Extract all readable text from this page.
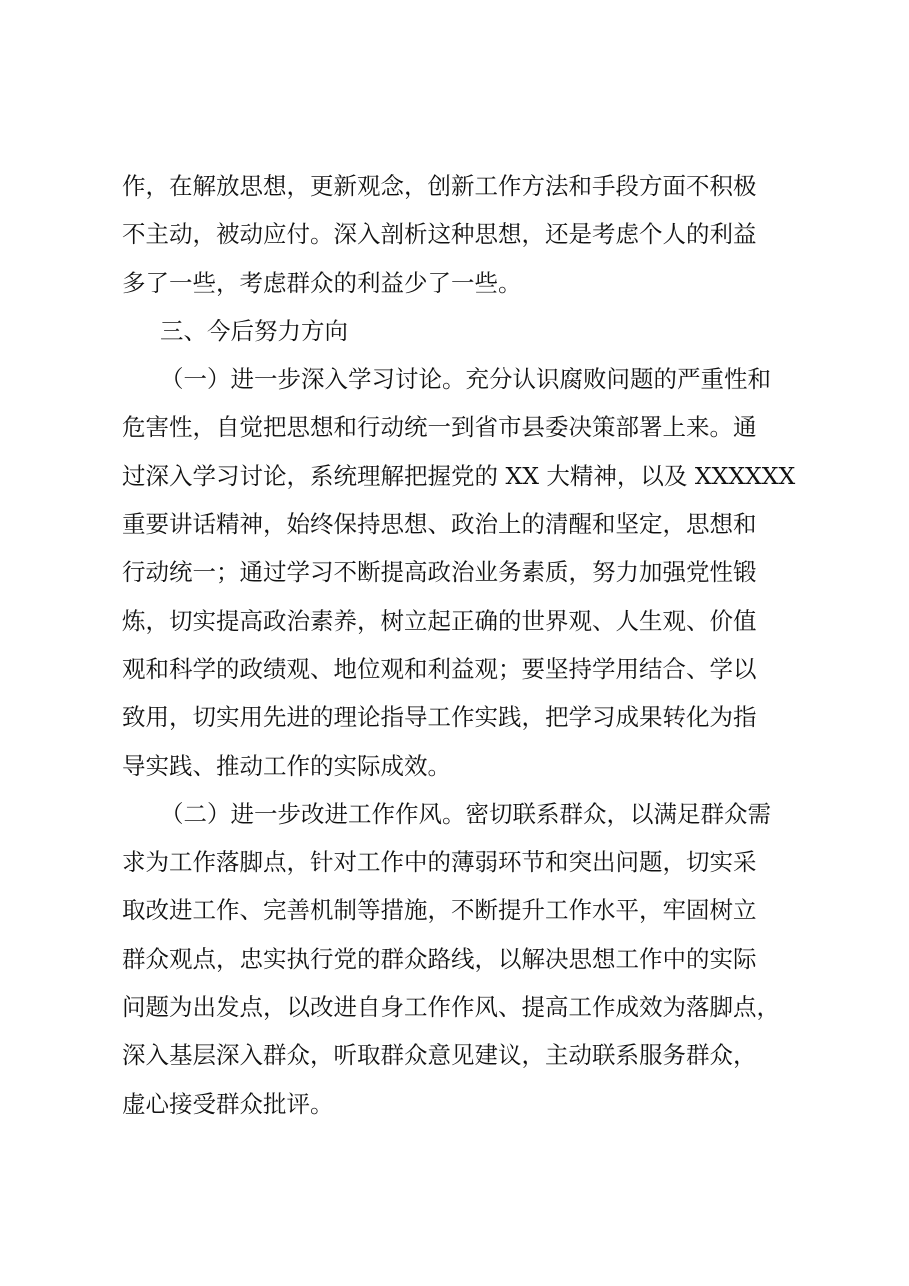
作，在解放思想，更新观念，创新工作方法和手段方面不积极
不主动，被动应付。深入剖析这种思想，还是考虑个人的利益
多了一些，考虑群众的利益少了一些。
三、今后努力方向
（一）进一步深入学习讨论。充分认识腐败问题的严重性和
危害性，自觉把思想和行动统一到省市县委决策部署上来。通
过深入学习讨论，系统理解把握党的 XX 大精神，以及 XXXXXX
重要讲话精神，始终保持思想、政治上的清醒和坚定，思想和
行动统一；通过学习不断提高政治业务素质，努力加强党性锻
炼，切实提高政治素养，树立起正确的世界观、人生观、价值
观和科学的政绩观、地位观和利益观；要坚持学用结合、学以
致用，切实用先进的理论指导工作实践，把学习成果转化为指
导实践、推动工作的实际成效。
（二）进一步改进工作作风。密切联系群众，以满足群众需
求为工作落脚点，针对工作中的薄弱环节和突出问题，切实采
取改进工作、完善机制等措施，不断提升工作水平，牢固树立
群众观点，忠实执行党的群众路线，以解决思想工作中的实际
问题为出发点，以改进自身工作作风、提高工作成效为落脚点，
深入基层深入群众，听取群众意见建议，主动联系服务群众，
虚心接受群众批评。
